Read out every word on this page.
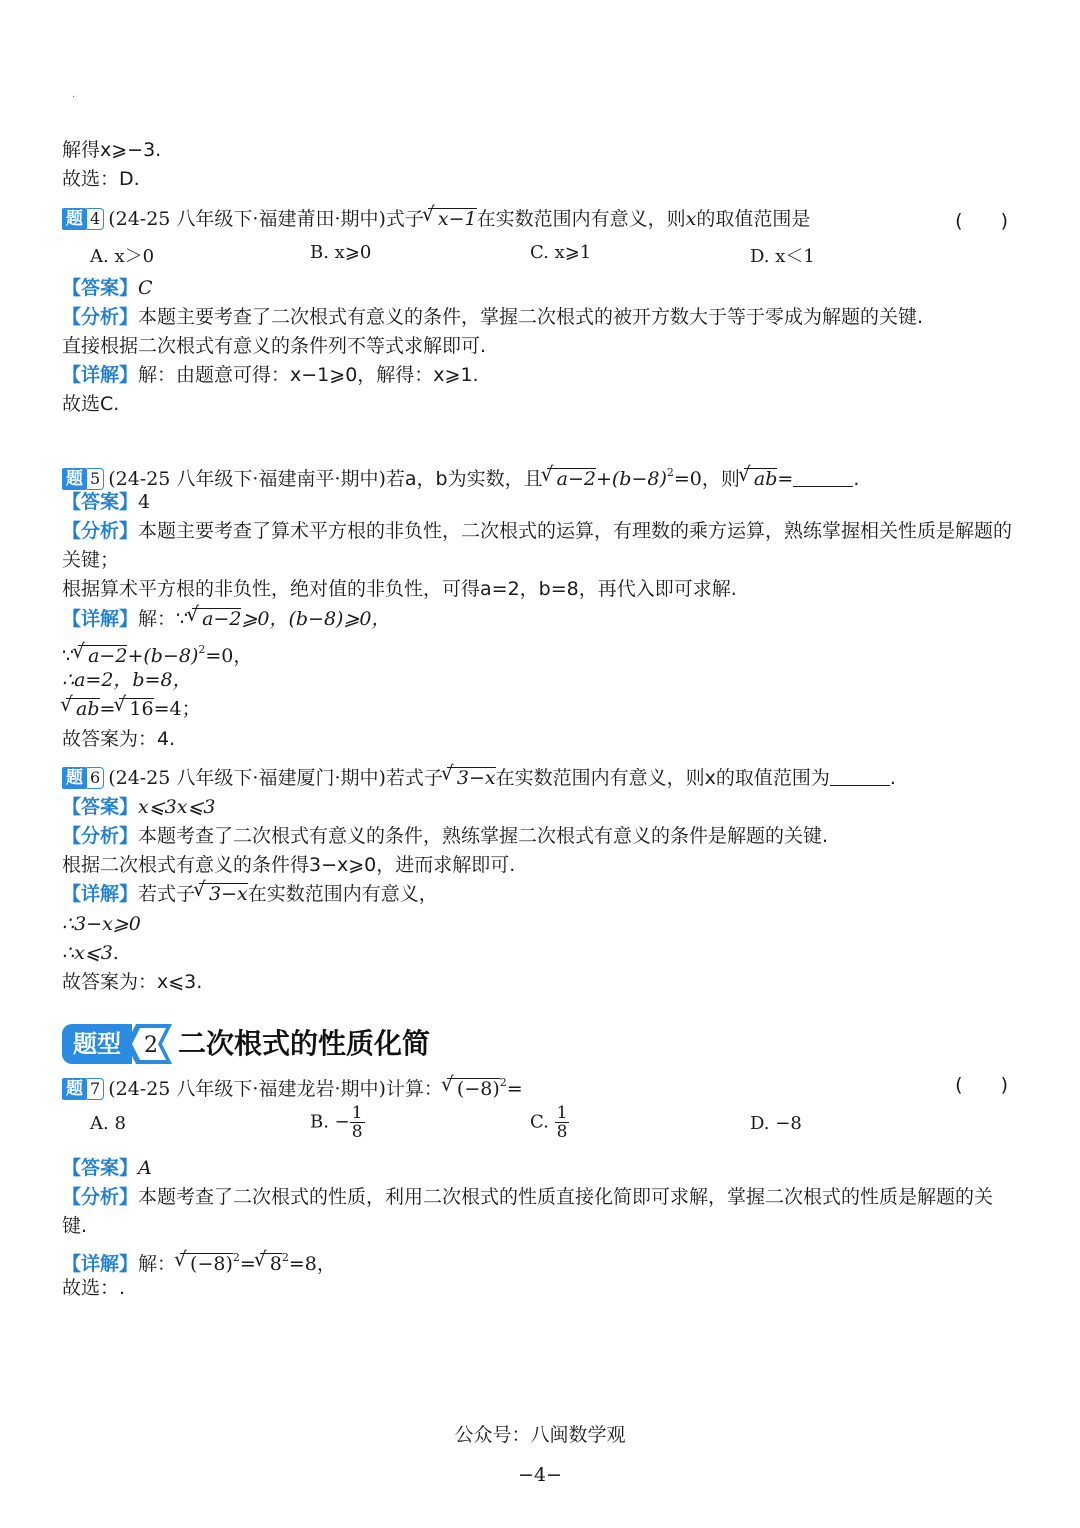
·
解得x⩾−3.
故选：D.
题 4 (24-25 八年级下·福建莆田·期中)式子√ x−1在实数范围内有意义，则x的取值范围是	(　　)
A. x＞0	B. x⩾0	C. x⩾1	D. x＜1
【答案】C
【分析】本题主要考查了二次根式有意义的条件，掌握二次根式的被开方数大于等于零成为解题的关键.
直接根据二次根式有意义的条件列不等式求解即可.
【详解】解：由题意可得：x−1⩾0，解得：x⩾1.
故选C.
题 5 (24-25 八年级下·福建南平·期中)若a，b为实数，且√ $a-2+(b-8)^2=0$，则√ ab=	.
【答案】4
【分析】本题主要考查了算术平方根的非负性，二次根式的运算，有理数的乘方运算，熟练掌握相关性质是解题的
关键；
根据算术平方根的非负性，绝对值的非负性，可得a=2，b=8，再代入即可求解.
【详解】解：∵√ a−2⩾0，(b−8)⩾0，
∵√ $a-2+(b-8)^2=0$，
∴a=2，b=8，
√ ab=√ 16=4；
故答案为：4.
题 6 (24-25 八年级下·福建厦门·期中)若式子√ 3−x在实数范围内有意义，则x的取值范围为	.
【答案】x⩽3x⩽3
【分析】本题考查了二次根式有意义的条件，熟练掌握二次根式有意义的条件是解题的关键.
根据二次根式有意义的条件得3−x⩾0，进而求解即可.
【详解】若式子√ 3−x在实数范围内有意义，
∴3−x⩾0
∴x⩽3.
故答案为：x⩽3.
题型	2 二次根式的性质化简
题 7 (24-25 八年级下·福建龙岩·期中)计算：√ $(-8)^2=$	(　　)
A. 8	B. − $\frac{1}{8}$	C. $\frac{1}{8}$	D. −8
【答案】A
【分析】本题考查了二次根式的性质，利用二次根式的性质直接化简即可求解，掌握二次根式的性质是解题的关
键.
【详解】解：√ $(-8)^2=√$ $8^2=8$，
故选：.
公众号：八闽数学观
−4−
